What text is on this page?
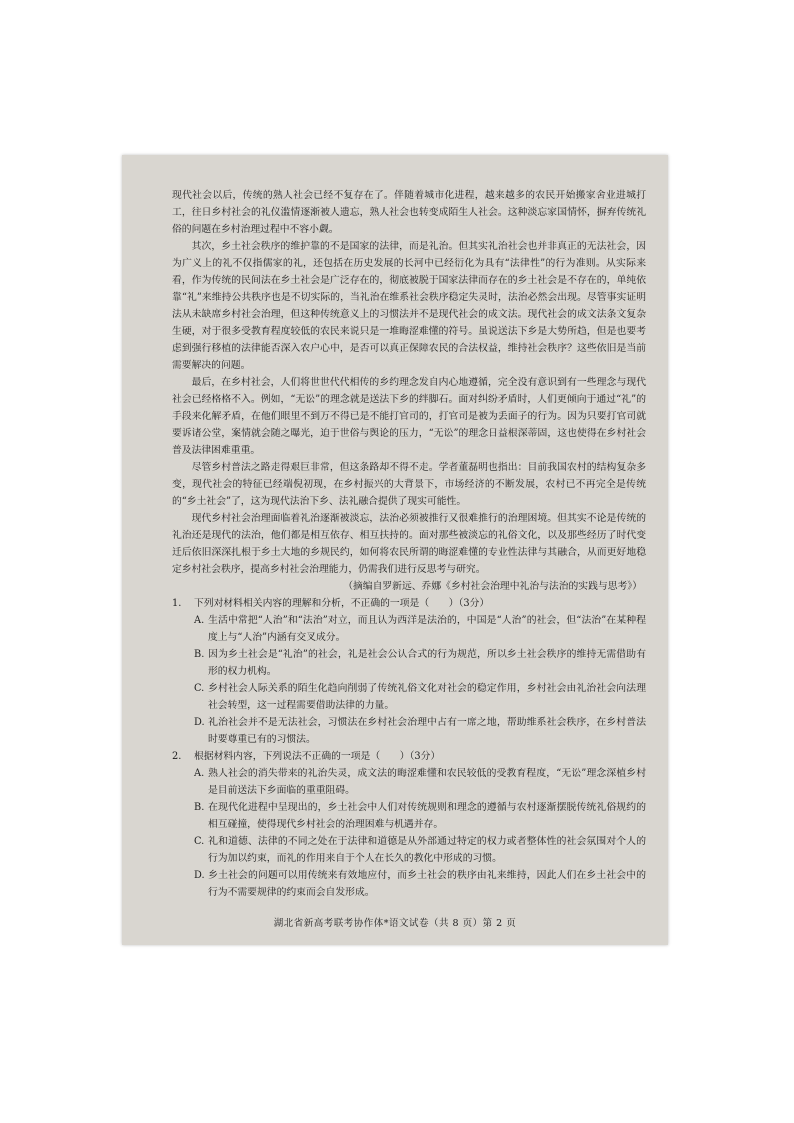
现代社会以后，传统的熟人社会已经不复存在了。伴随着城市化进程，越来越多的农民开始搬家舍业进城打工，往日乡村社会的礼仪滥情逐渐被人遗忘，熟人社会也转变成陌生人社会。这种淡忘家国情怀，摒弃传统礼俗的问题在乡村治理过程中不容小觑。

其次，乡土社会秩序的维护靠的不是国家的法律，而是礼治。但其实礼治社会也并非真正的无法社会，因为广义上的礼不仅指儒家的礼，还包括在历史发展的长河中已经衍化为具有“法律性”的行为准则。从实际来看，作为传统的民间法在乡土社会是广泛存在的，彻底被脱于国家法律而存在的乡土社会是不存在的，单纯依靠“礼”来维持公共秩序也是不切实际的，当礼治在维系社会秩序稳定失灵时，法治必然会出现。尽管事实证明法从未缺席乡村社会治理，但这种传统意义上的习惯法并不是现代社会的成文法。现代社会的成文法条文复杂生硬，对于很多受教育程度较低的农民来说只是一堆晦涩难懂的符号。虽说送法下乡是大势所趋，但是也要考虑到强行移植的法律能否深入农户心中，是否可以真正保障农民的合法权益，维持社会秩序？这些依旧是当前需要解决的问题。

最后，在乡村社会，人们将世世代代相传的乡约理念发自内心地遵循，完全没有意识到有一些理念与现代社会已经格格不入。例如，“无讼”的理念就是送法下乡的绊脚石。面对纠纷矛盾时，人们更倾向于通过“礼”的手段来化解矛盾，在他们眼里不到万不得已是不能打官司的，打官司是被为丢面子的行为。因为只要打官司就要诉诸公堂，案情就会随之曝光，迫于世俗与舆论的压力，“无讼”的理念日益根深蒂固，这也使得在乡村社会普及法律困难重重。

尽管乡村普法之路走得艰巨非常，但这条路却不得不走。学者董磊明也指出：目前我国农村的结构复杂多变，现代社会的特征已经端倪初现，在乡村振兴的大背景下，市场经济的不断发展，农村已不再完全是传统的“乡土社会”了，这为现代法治下乡、法礼融合提供了现实可能性。

现代乡村社会治理面临着礼治逐渐被淡忘，法治必须被推行又很难推行的治理困境。但其实不论是传统的礼治还是现代的法治，他们都是相互依存、相互扶持的。面对那些被淡忘的礼俗文化，以及那些经历了时代变迁后依旧深深扎根于乡土大地的乡规民约，如何将农民所谓的晦涩难懂的专业性法律与其融合，从而更好地稳定乡村社会秩序，提高乡村社会治理能力，仍需我们进行反思考与研究。

（摘编自罗新远、乔娜《乡村社会治理中礼治与法治的实践与思考》）

1. 下列对材料相关内容的理解和分析，不正确的一项是（　　）（3分）

A. 生活中常把“人治”和“法治”对立，而且认为西洋是法治的，中国是“人治”的社会，但“法治”在某种程度上与“人治”内涵有交叉成分。

B. 因为乡土社会是“礼治”的社会，礼是社会公认合式的行为规范，所以乡土社会秩序的维持无需借助有形的权力机构。

C. 乡村社会人际关系的陌生化趋向削弱了传统礼俗文化对社会的稳定作用，乡村社会由礼治社会向法理社会转型，这一过程需要借助法律的力量。

D. 礼治社会并不是无法社会，习惯法在乡村社会治理中占有一席之地，帮助维系社会秩序，在乡村普法时要尊重已有的习惯法。

2. 根据材料内容，下列说法不正确的一项是（　　）（3分）

A. 熟人社会的消失带来的礼治失灵，成文法的晦涩难懂和农民较低的受教育程度，“无讼”理念深植乡村是目前送法下乡面临的重重阻碍。

B. 在现代化进程中呈现出的，乡土社会中人们对传统规则和理念的遵循与农村逐渐摆脱传统礼俗规约的相互碰撞，使得现代乡村社会的治理困难与机遇并存。

C. 礼和道德、法律的不同之处在于法律和道德是从外部通过特定的权力或者整体性的社会氛围对个人的行为加以约束，而礼的作用来自于个人在长久的教化中形成的习惯。

D. 乡土社会的问题可以用传统来有效地应付，而乡土社会的秩序由礼来维持，因此人们在乡土社会中的行为不需要规律的约束而会自发形成。

湖北省新高考联考协作体*语文试卷（共 8 页）第 2 页
